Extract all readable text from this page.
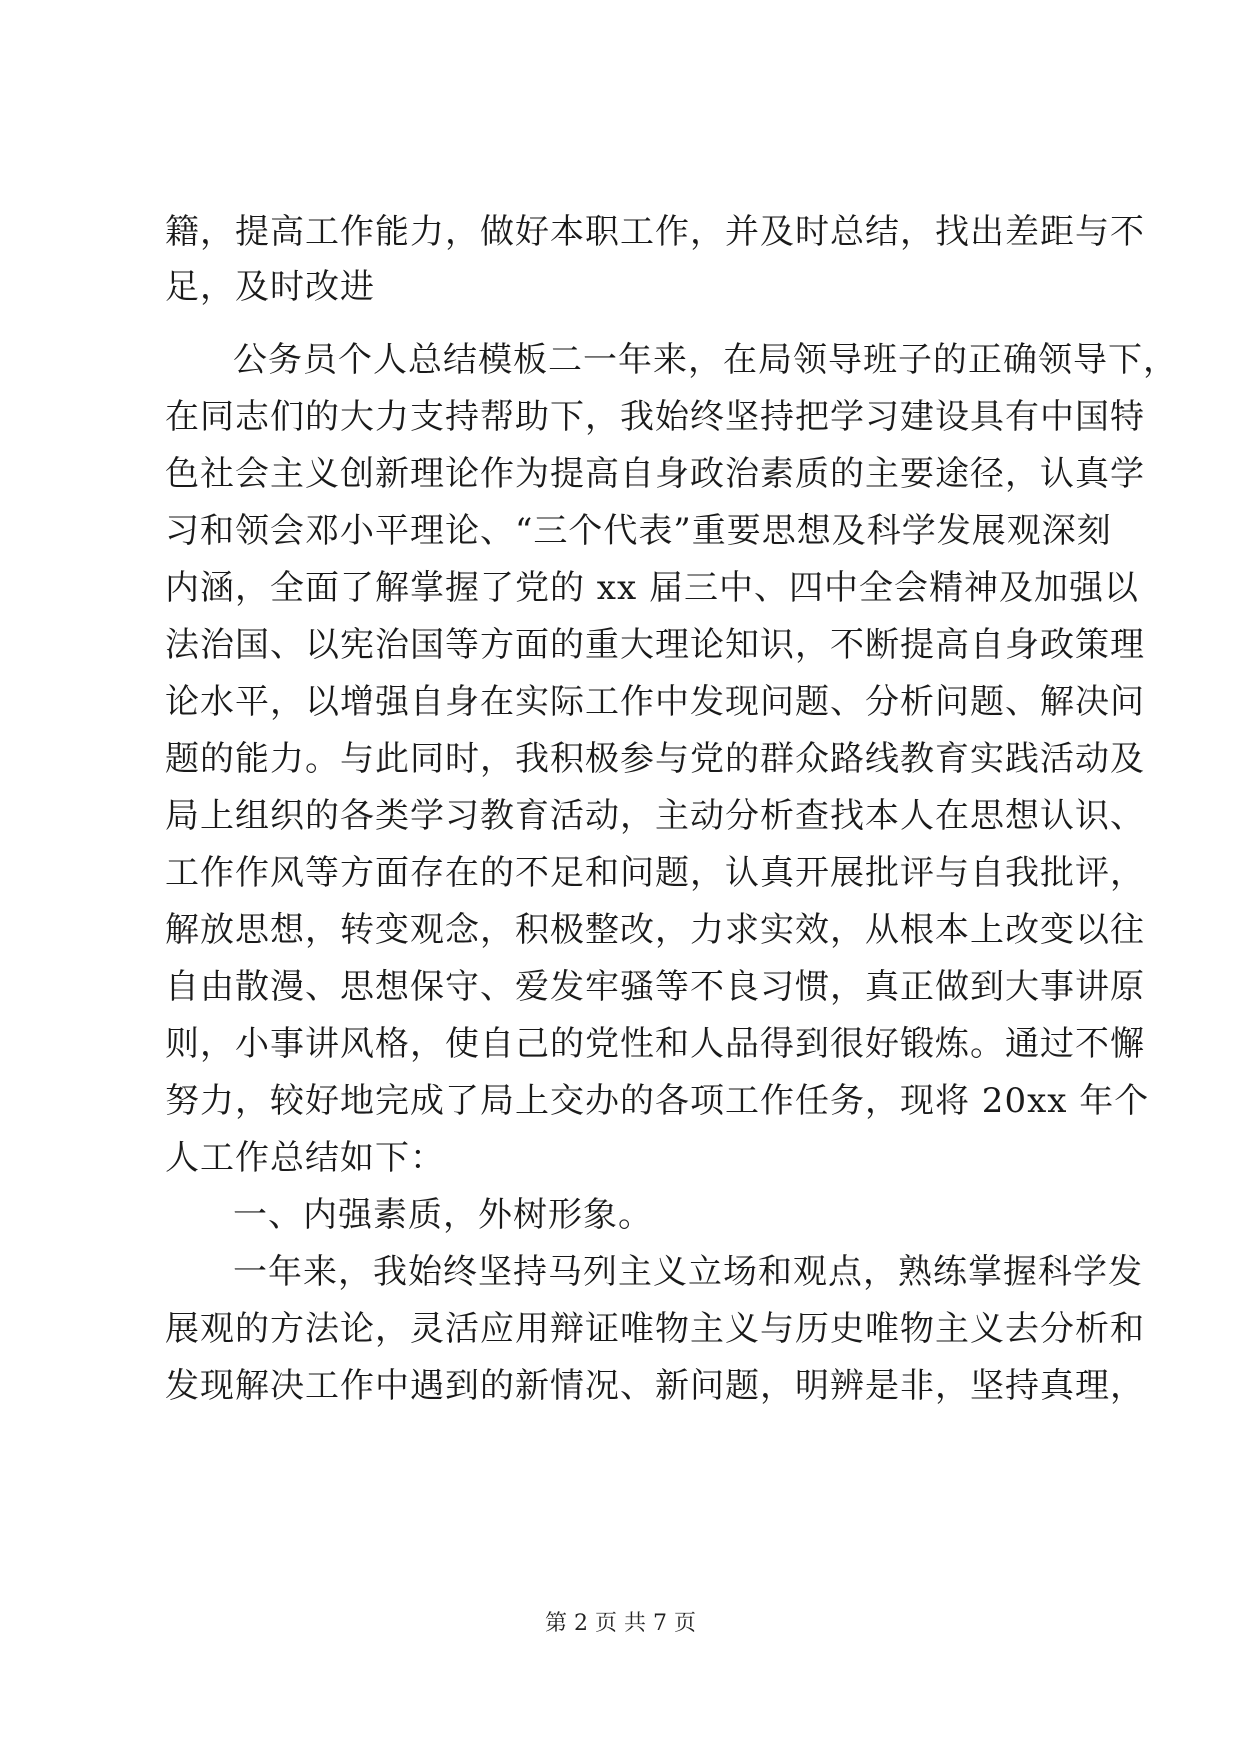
籍，提高工作能力，做好本职工作，并及时总结，找出差距与不
足，及时改进
公务员个人总结模板二一年来，在局领导班子的正确领导下，
在同志们的大力支持帮助下，我始终坚持把学习建设具有中国特
色社会主义创新理论作为提高自身政治素质的主要途径，认真学
习和领会邓小平理论、“三个代表”重要思想及科学发展观深刻
内涵，全面了解掌握了党的 xx 届三中、四中全会精神及加强以
法治国、以宪治国等方面的重大理论知识，不断提高自身政策理
论水平，以增强自身在实际工作中发现问题、分析问题、解决问
题的能力。与此同时，我积极参与党的群众路线教育实践活动及
局上组织的各类学习教育活动，主动分析查找本人在思想认识、
工作作风等方面存在的不足和问题，认真开展批评与自我批评，
解放思想，转变观念，积极整改，力求实效，从根本上改变以往
自由散漫、思想保守、爱发牢骚等不良习惯，真正做到大事讲原
则，小事讲风格，使自己的党性和人品得到很好锻炼。通过不懈
努力，较好地完成了局上交办的各项工作任务，现将 20xx 年个
人工作总结如下：
一、内强素质，外树形象。
一年来，我始终坚持马列主义立场和观点，熟练掌握科学发
展观的方法论，灵活应用辩证唯物主义与历史唯物主义去分析和
发现解决工作中遇到的新情况、新问题，明辨是非，坚持真理，
第 2 页 共 7 页
